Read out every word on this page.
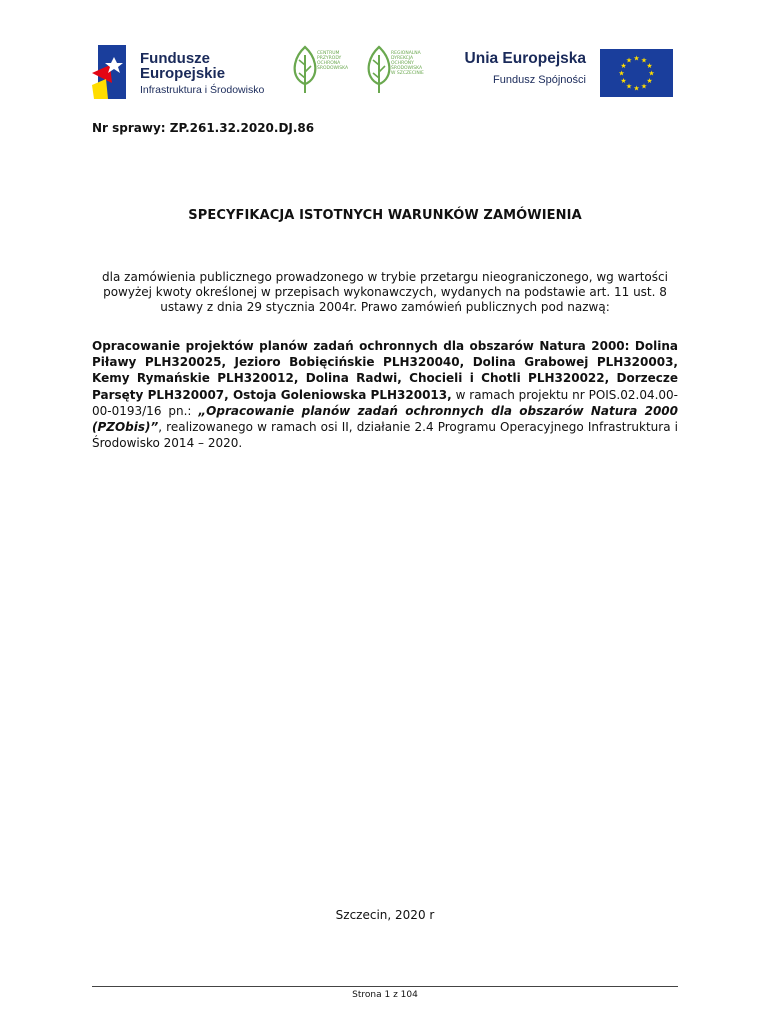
Fundusze
Europejskie
Infrastruktura i Środowisko
CENTRUM PRZYRODY OCHRONA ŚRODOWISKA
REGIONALNA DYREKCJA OCHRONY ŚRODOWISKA W SZCZECINIE
Unia Europejska
Fundusz Spójności
★
★
★
★
★
★
★
★
★ ★ ★
★
Nr sprawy: ZP.261.32.2020.DJ.86
SPECYFIKACJA ISTOTNYCH WARUNKÓW ZAMÓWIENIA
dla zamówienia publicznego prowadzonego w trybie przetargu nieograniczonego, wg wartości powyżej kwoty określonej w przepisach wykonawczych, wydanych na podstawie art. 11 ust. 8 ustawy z dnia 29 stycznia 2004r. Prawo zamówień publicznych pod nazwą:
Opracowanie projektów planów zadań ochronnych dla obszarów Natura 2000: Dolina Piławy PLH320025, Jezioro Bobięcińskie PLH320040, Dolina Grabowej PLH320003, Kemy Rymańskie PLH320012, Dolina Radwi, Chocieli i Chotli PLH320022, Dorzecze Parsęty PLH320007, Ostoja Goleniowska PLH320013, w ramach projektu nr POIS.02.04.00-00-0193/16 pn.: „Opracowanie planów zadań ochronnych dla obszarów Natura 2000 (PZObis)”, realizowanego w ramach osi II, działanie 2.4 Programu Operacyjnego Infrastruktura i Środowisko 2014 – 2020.
Szczecin, 2020 r
Strona 1 z 104
